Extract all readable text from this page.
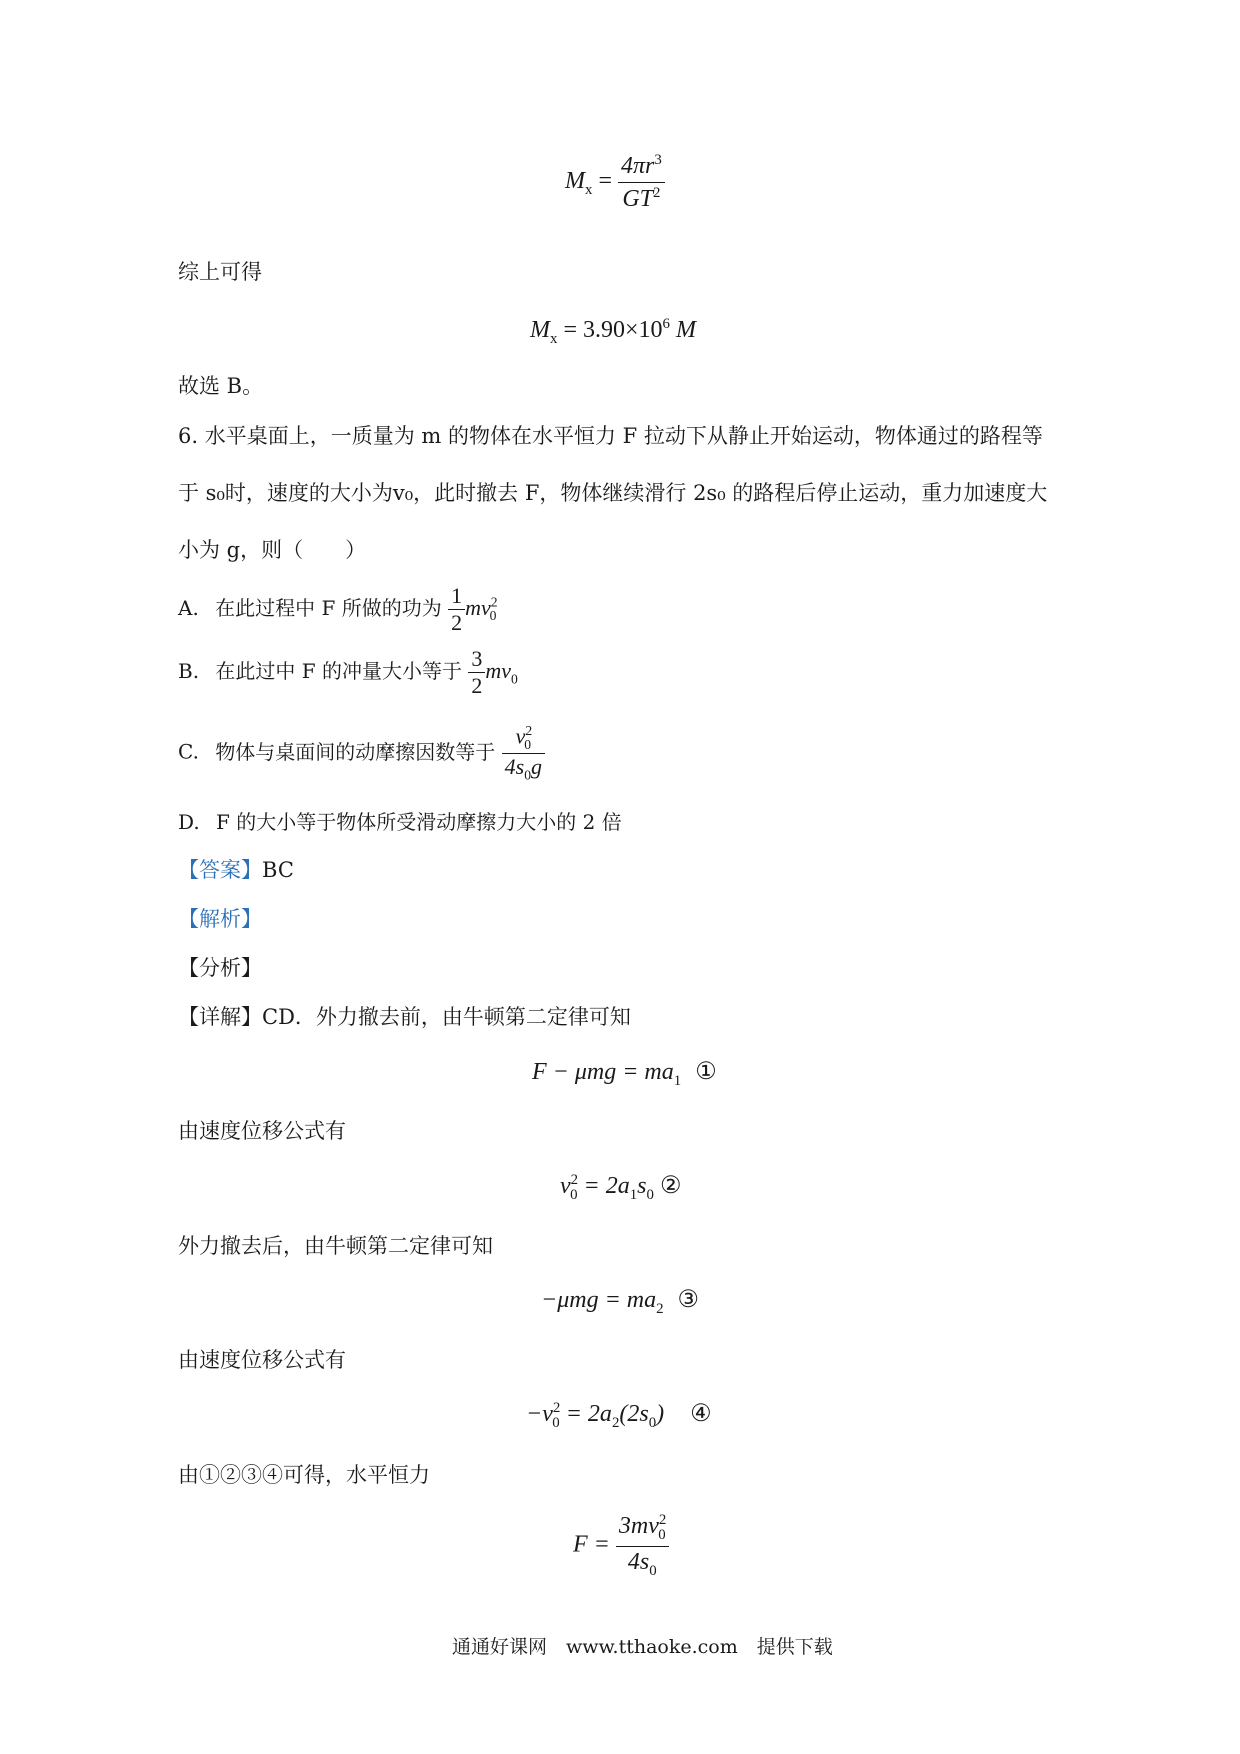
$M_x = \frac{4\pi r^3}{GT^2}$
综上可得
$M_x = 3.90\times 10^6$ M
故选 B。
6. 水平桌面上，一质量为 m 的物体在水平恒力 F 拉动下从静止开始运动，物体通过的路程等
于 s₀时，速度的大小为v₀，此时撤去 F，物体继续滑行 2s₀ 的路程后停止运动，重力加速度大
小为 g，则（　　）
A. 在此过程中 F 所做的功为 $\frac{1}{2} mv^2_0$
B. 在此过中 F 的冲量大小等于 $\frac{3}{2} mv_0$
C. 物体与桌面间的动摩擦因数等于 $\frac{v^2_0}{4s_0g}$
D. F 的大小等于物体所受滑动摩擦力大小的 2 倍
【答案】BC
【解析】
【分析】
【详解】CD．外力撤去前，由牛顿第二定律可知
$F - \mu mg = ma_1$ ①
由速度位移公式有
$v^2_0 = 2a_1s_0$ ②
外力撤去后，由牛顿第二定律可知
$-\mu mg = ma_2$ ③
由速度位移公式有
$-v^2_0 = 2a_2(2s_0)$ ④
由①②③④可得，水平恒力
$F = \frac{3mv^2_0}{4s_0}$
通通好课网　www.tthaoke.com　提供下载
